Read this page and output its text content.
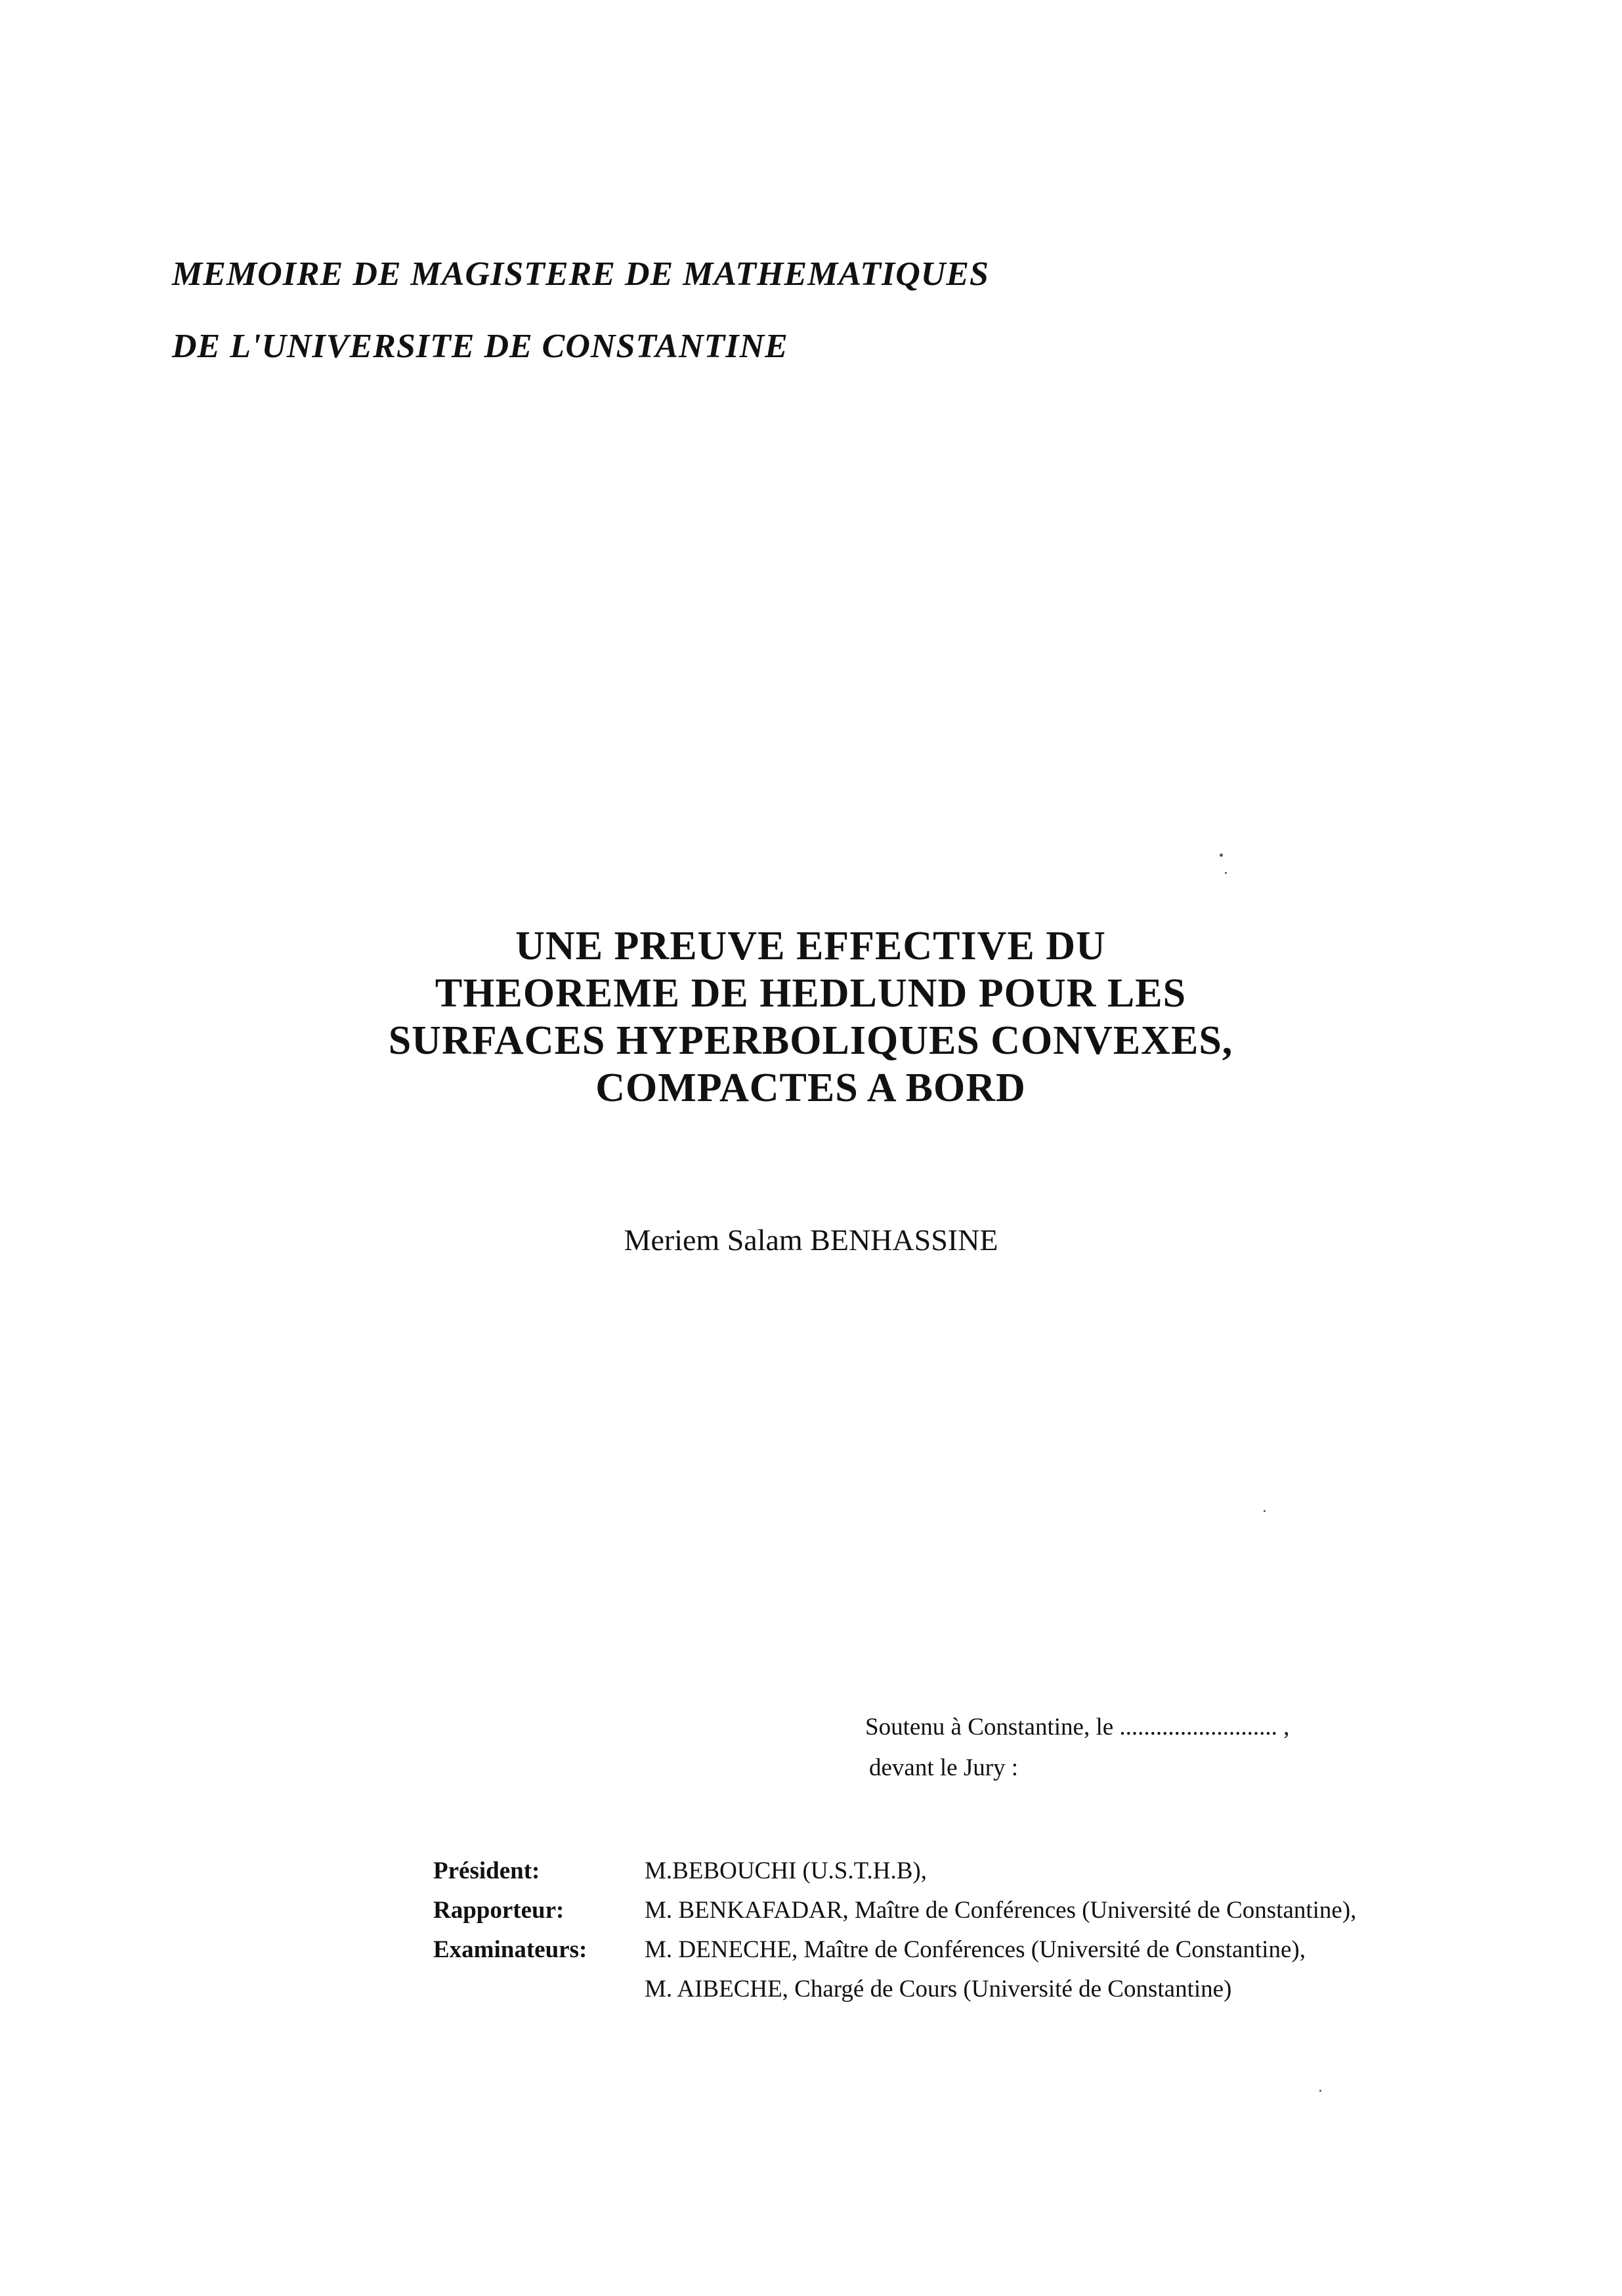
MEMOIRE DE MAGISTERE DE MATHEMATIQUES
DE L'UNIVERSITE DE CONSTANTINE
UNE PREUVE EFFECTIVE DU
THEOREME DE HEDLUND POUR LES
SURFACES HYPERBOLIQUES CONVEXES,
COMPACTES A BORD
Meriem Salam BENHASSINE
Soutenu à Constantine, le .......................... ,
devant le Jury :
Président:	M.BEBOUCHI (U.S.T.H.B),
Rapporteur:	M. BENKAFADAR, Maître de Conférences (Université de Constantine),
Examinateurs:	M. DENECHE, Maître de Conférences (Université de Constantine),
M. AIBECHE, Chargé de Cours (Université de Constantine)
